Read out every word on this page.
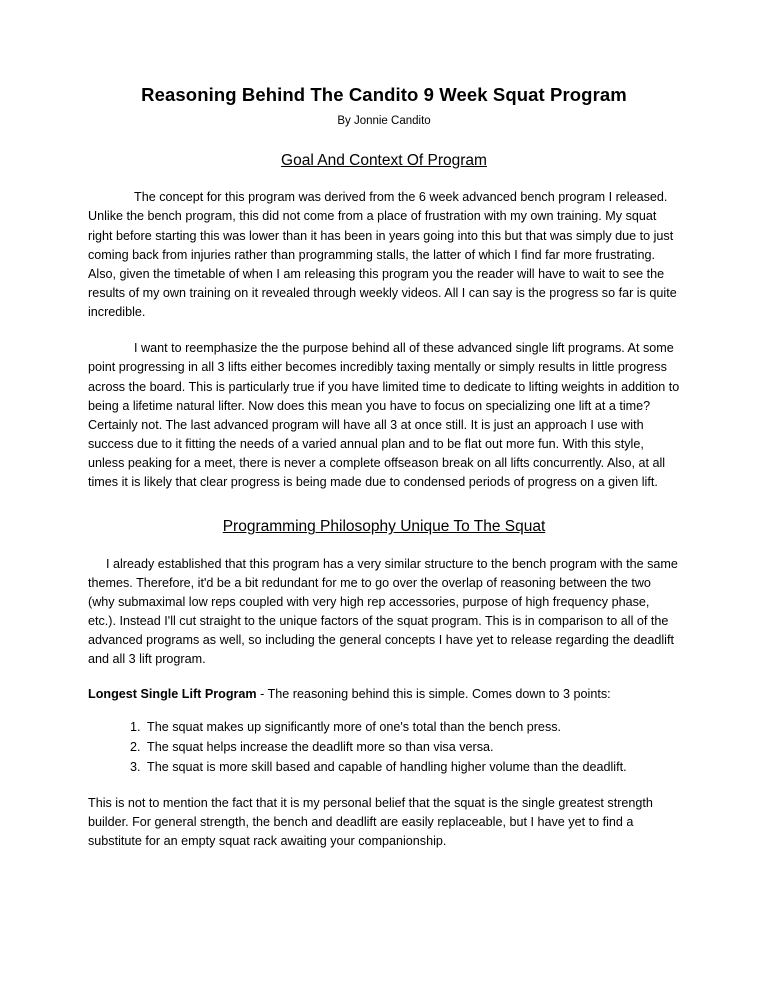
Reasoning Behind The Candito 9 Week Squat Program
By Jonnie Candito
Goal And Context Of Program

The concept for this program was derived from the 6 week advanced bench program I released. Unlike the bench program, this did not come from a place of frustration with my own training. My squat right before starting this was lower than it has been in years going into this but that was simply due to just coming back from injuries rather than programming stalls, the latter of which I find far more frustrating. Also, given the timetable of when I am releasing this program you the reader will have to wait to see the results of my own training on it revealed through weekly videos. All I can say is the progress so far is quite incredible.

I want to reemphasize the the purpose behind all of these advanced single lift programs. At some point progressing in all 3 lifts either becomes incredibly taxing mentally or simply results in little progress across the board. This is particularly true if you have limited time to dedicate to lifting weights in addition to being a lifetime natural lifter. Now does this mean you have to focus on specializing one lift at a time? Certainly not. The last advanced program will have all 3 at once still. It is just an approach I use with success due to it fitting the needs of a varied annual plan and to be flat out more fun. With this style, unless peaking for a meet, there is never a complete offseason break on all lifts concurrently. Also, at all times it is likely that clear progress is being made due to condensed periods of progress on a given lift.

Programming Philosophy Unique To The Squat

I already established that this program has a very similar structure to the bench program with the same themes. Therefore, it'd be a bit redundant for me to go over the overlap of reasoning between the two (why submaximal low reps coupled with very high rep accessories, purpose of high frequency phase, etc.). Instead I'll cut straight to the unique factors of the squat program. This is in comparison to all of the advanced programs as well, so including the general concepts I have yet to release regarding the deadlift and all 3 lift program.

Longest Single Lift Program - The reasoning behind this is simple. Comes down to 3 points:

1. The squat makes up significantly more of one's total than the bench press.
2. The squat helps increase the deadlift more so than visa versa.
3. The squat is more skill based and capable of handling higher volume than the deadlift.

This is not to mention the fact that it is my personal belief that the squat is the single greatest strength builder. For general strength, the bench and deadlift are easily replaceable, but I have yet to find a substitute for an empty squat rack awaiting your companionship.
